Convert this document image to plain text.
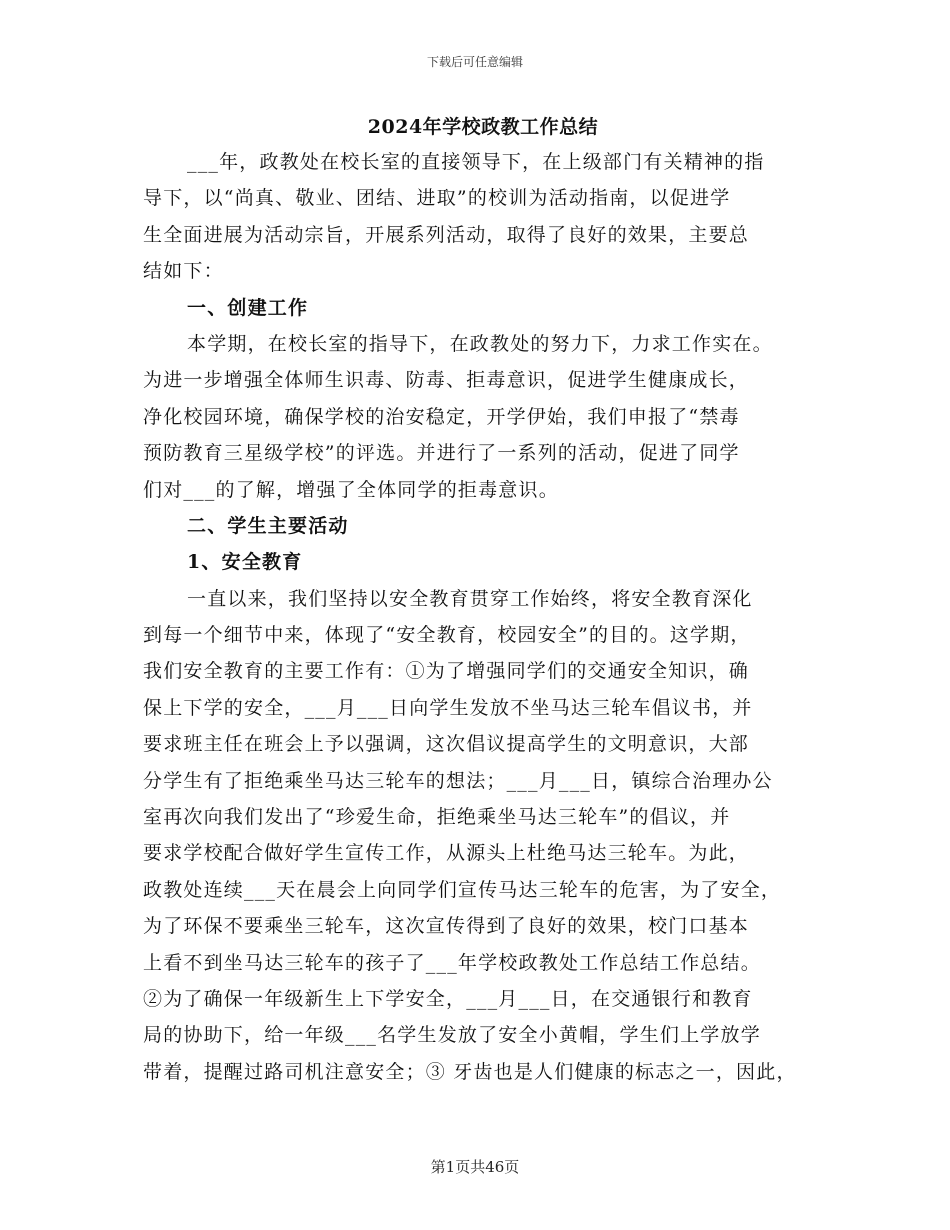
下载后可任意编辑
2024年学校政教工作总结
___年，政教处在校长室的直接领导下，在上级部门有关精神的指
导下，以“尚真、敬业、团结、进取”的校训为活动指南，以促进学
生全面进展为活动宗旨，开展系列活动，取得了良好的效果，主要总
结如下：
一、创建工作
本学期，在校长室的指导下，在政教处的努力下，力求工作实在。
为进一步增强全体师生识毒、防毒、拒毒意识，促进学生健康成长，
净化校园环境，确保学校的治安稳定，开学伊始，我们申报了“禁毒
预防教育三星级学校”的评选。并进行了一系列的活动，促进了同学
们对___的了解，增强了全体同学的拒毒意识。
二、学生主要活动
1、安全教育
一直以来，我们坚持以安全教育贯穿工作始终，将安全教育深化
到每一个细节中来，体现了“安全教育，校园安全”的目的。这学期，
我们安全教育的主要工作有：①为了增强同学们的交通安全知识，确
保上下学的安全，___月___日向学生发放不坐马达三轮车倡议书，并
要求班主任在班会上予以强调，这次倡议提高学生的文明意识，大部
分学生有了拒绝乘坐马达三轮车的想法；___月___日，镇综合治理办公
室再次向我们发出了“珍爱生命，拒绝乘坐马达三轮车”的倡议，并
要求学校配合做好学生宣传工作，从源头上杜绝马达三轮车。为此，
政教处连续___天在晨会上向同学们宣传马达三轮车的危害，为了安全，
为了环保不要乘坐三轮车，这次宣传得到了良好的效果，校门口基本
上看不到坐马达三轮车的孩子了___年学校政教处工作总结工作总结。
②为了确保一年级新生上下学安全，___月___日，在交通银行和教育
局的协助下，给一年级___名学生发放了安全小黄帽，学生们上学放学
带着，提醒过路司机注意安全；③ 牙齿也是人们健康的标志之一，因此，
第1页共46页
